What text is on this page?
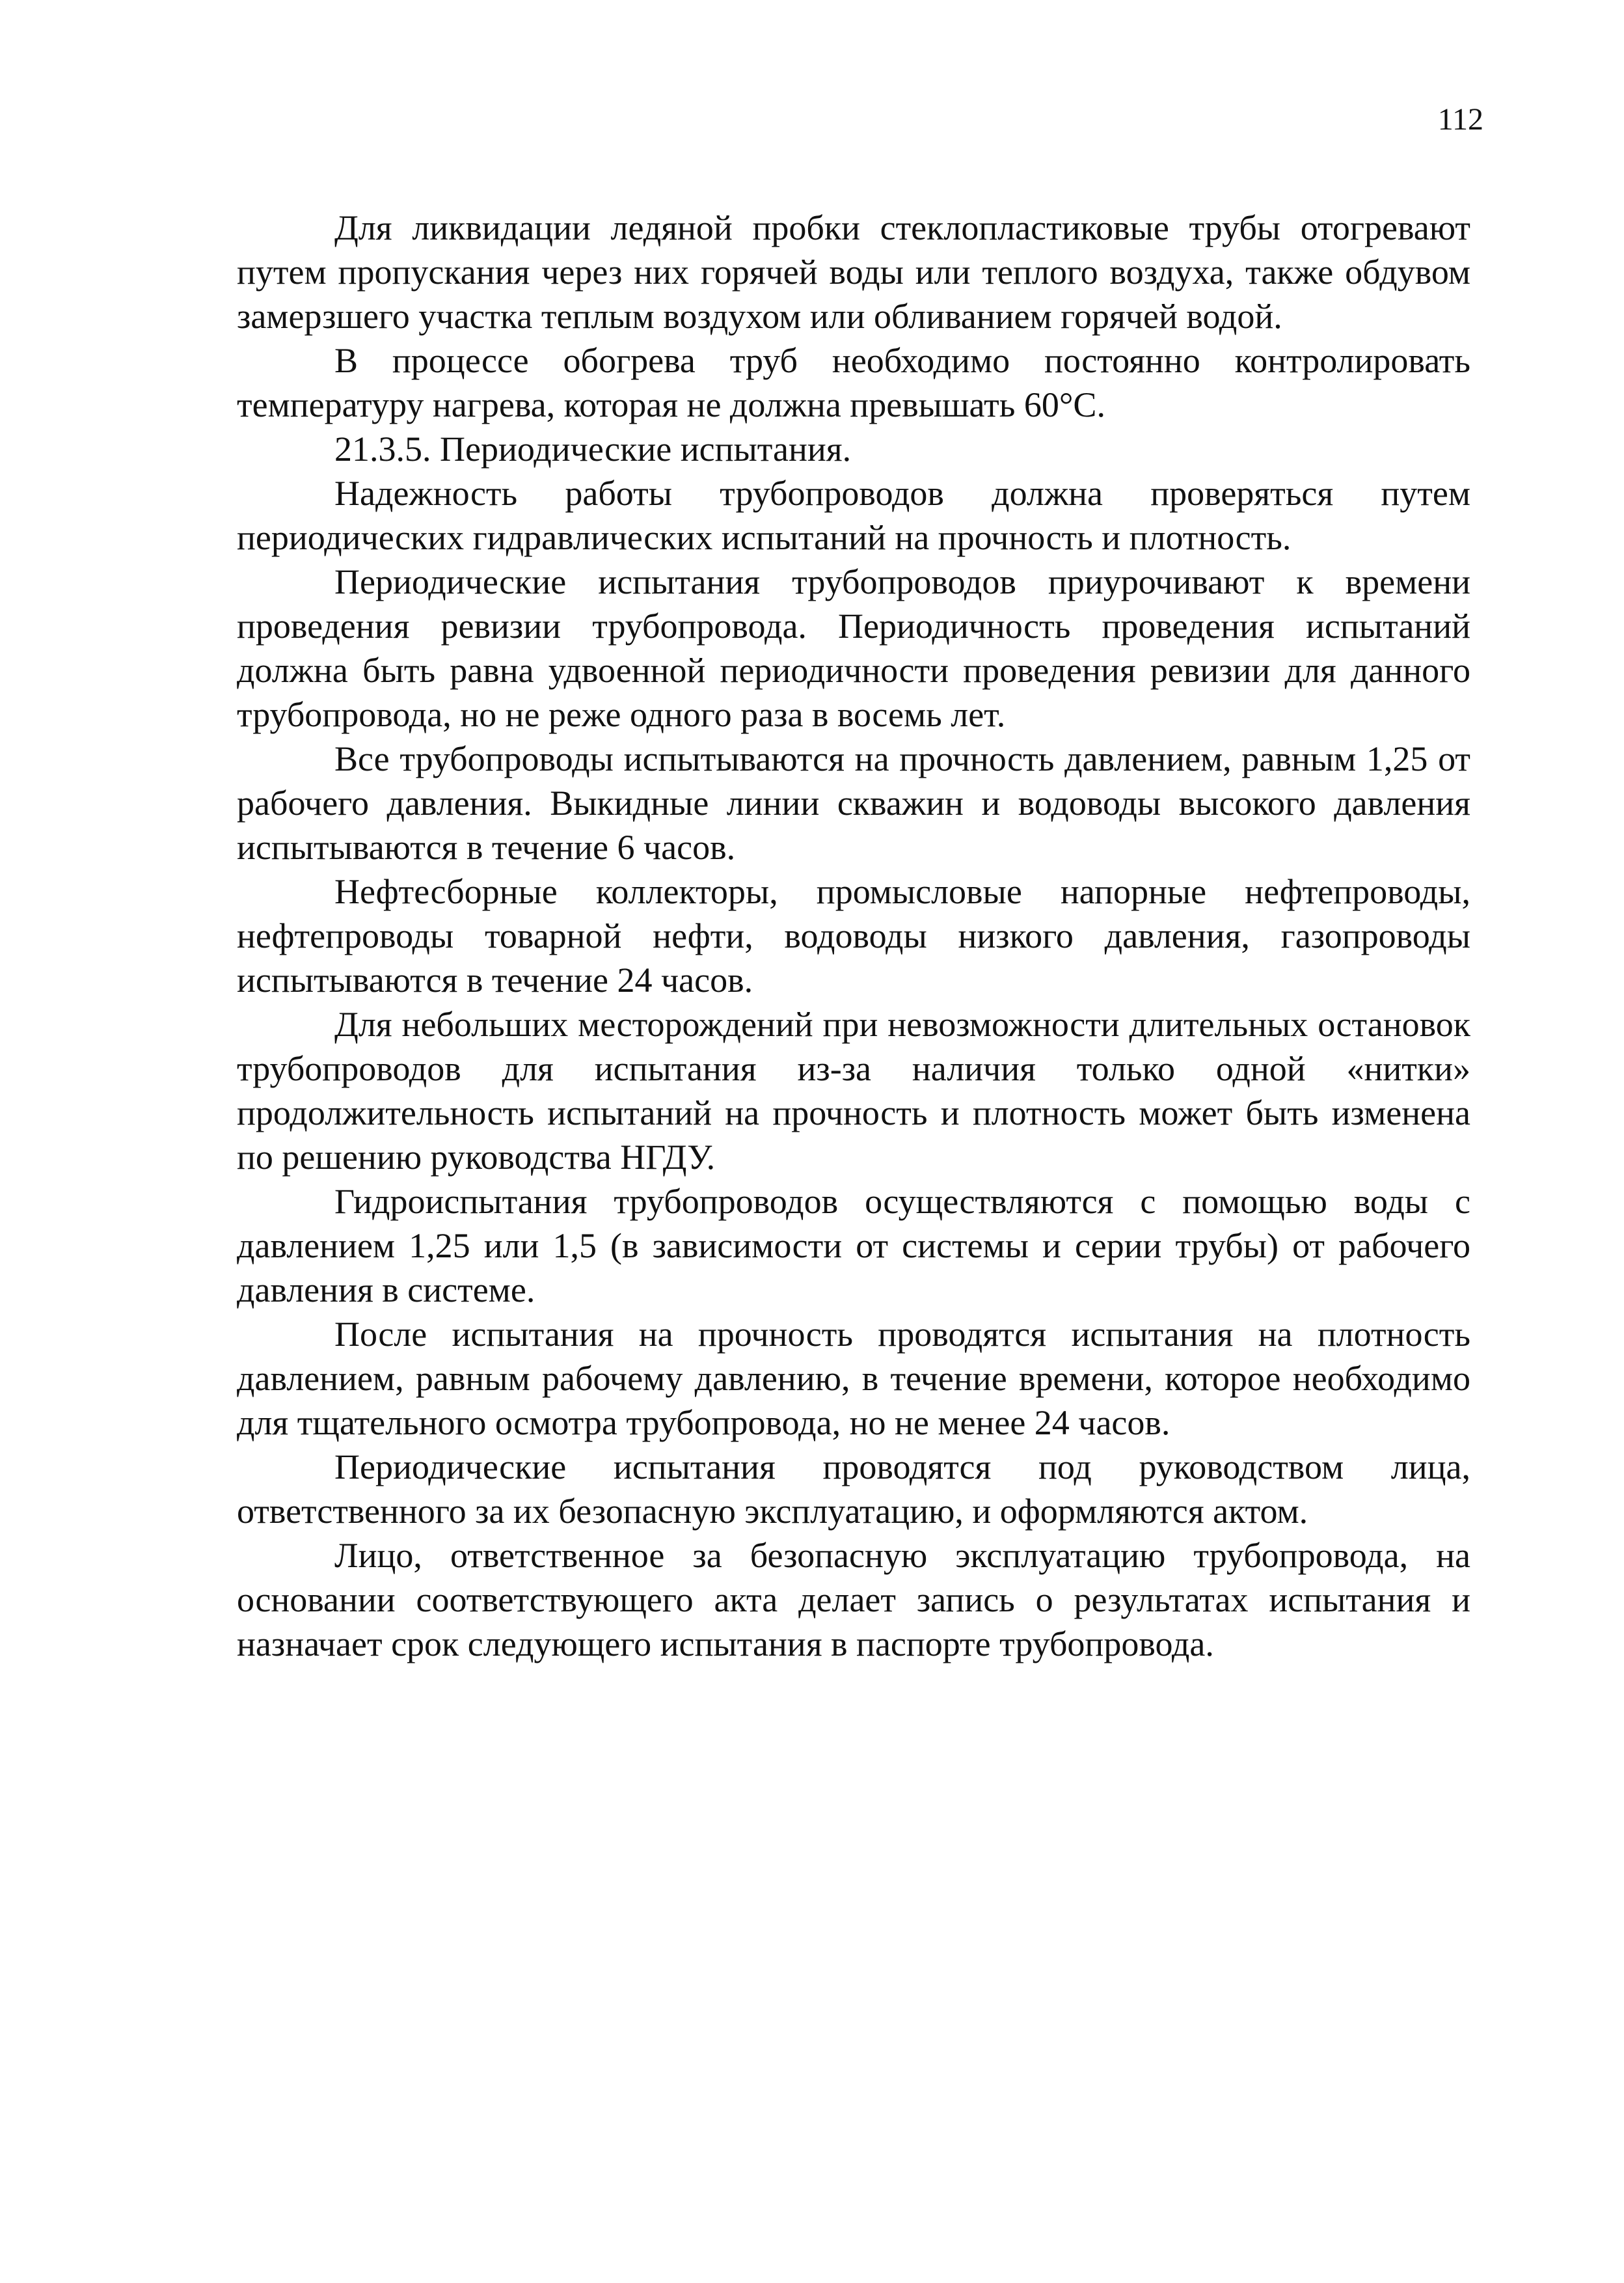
112

Для ликвидации ледяной пробки стеклопластиковые трубы отогревают путем пропускания через них горячей воды или теплого воздуха, также обдувом замерзшего участка теплым воздухом или обливанием горячей водой.

В процессе обогрева труб необходимо постоянно контролировать температуру нагрева, которая не должна превышать 60°С.

21.3.5. Периодические испытания.

Надежность работы трубопроводов должна проверяться путем периодических гидравлических испытаний на прочность и плотность.

Периодические испытания трубопроводов приурочивают к времени проведения ревизии трубопровода. Периодичность проведения испытаний должна быть равна удвоенной периодичности проведения ревизии для данного трубопровода, но не реже одного раза в восемь лет.

Все трубопроводы испытываются на прочность давлением, равным 1,25 от рабочего давления. Выкидные линии скважин и водоводы высокого давления испытываются в течение 6 часов.

Нефтесборные коллекторы, промысловые напорные нефтепроводы, нефтепроводы товарной нефти, водоводы низкого давления, газопроводы испытываются в течение 24 часов.

Для небольших месторождений при невозможности длительных остановок трубопроводов для испытания из-за наличия только одной «нитки» продолжительность испытаний на прочность и плотность может быть изменена по решению руководства НГДУ.

Гидроиспытания трубопроводов осуществляются с помощью воды с давлением 1,25 или 1,5 (в зависимости от системы и серии трубы) от рабочего давления в системе.

После испытания на прочность проводятся испытания на плотность давлением, равным рабочему давлению, в течение времени, которое необходимо для тщательного осмотра трубопровода, но не менее 24 часов.

Периодические испытания проводятся под руководством лица, ответственного за их безопасную эксплуатацию, и оформляются актом.

Лицо, ответственное за безопасную эксплуатацию трубопровода, на основании соответствующего акта делает запись о результатах испытания и назначает срок следующего испытания в паспорте трубопровода.
